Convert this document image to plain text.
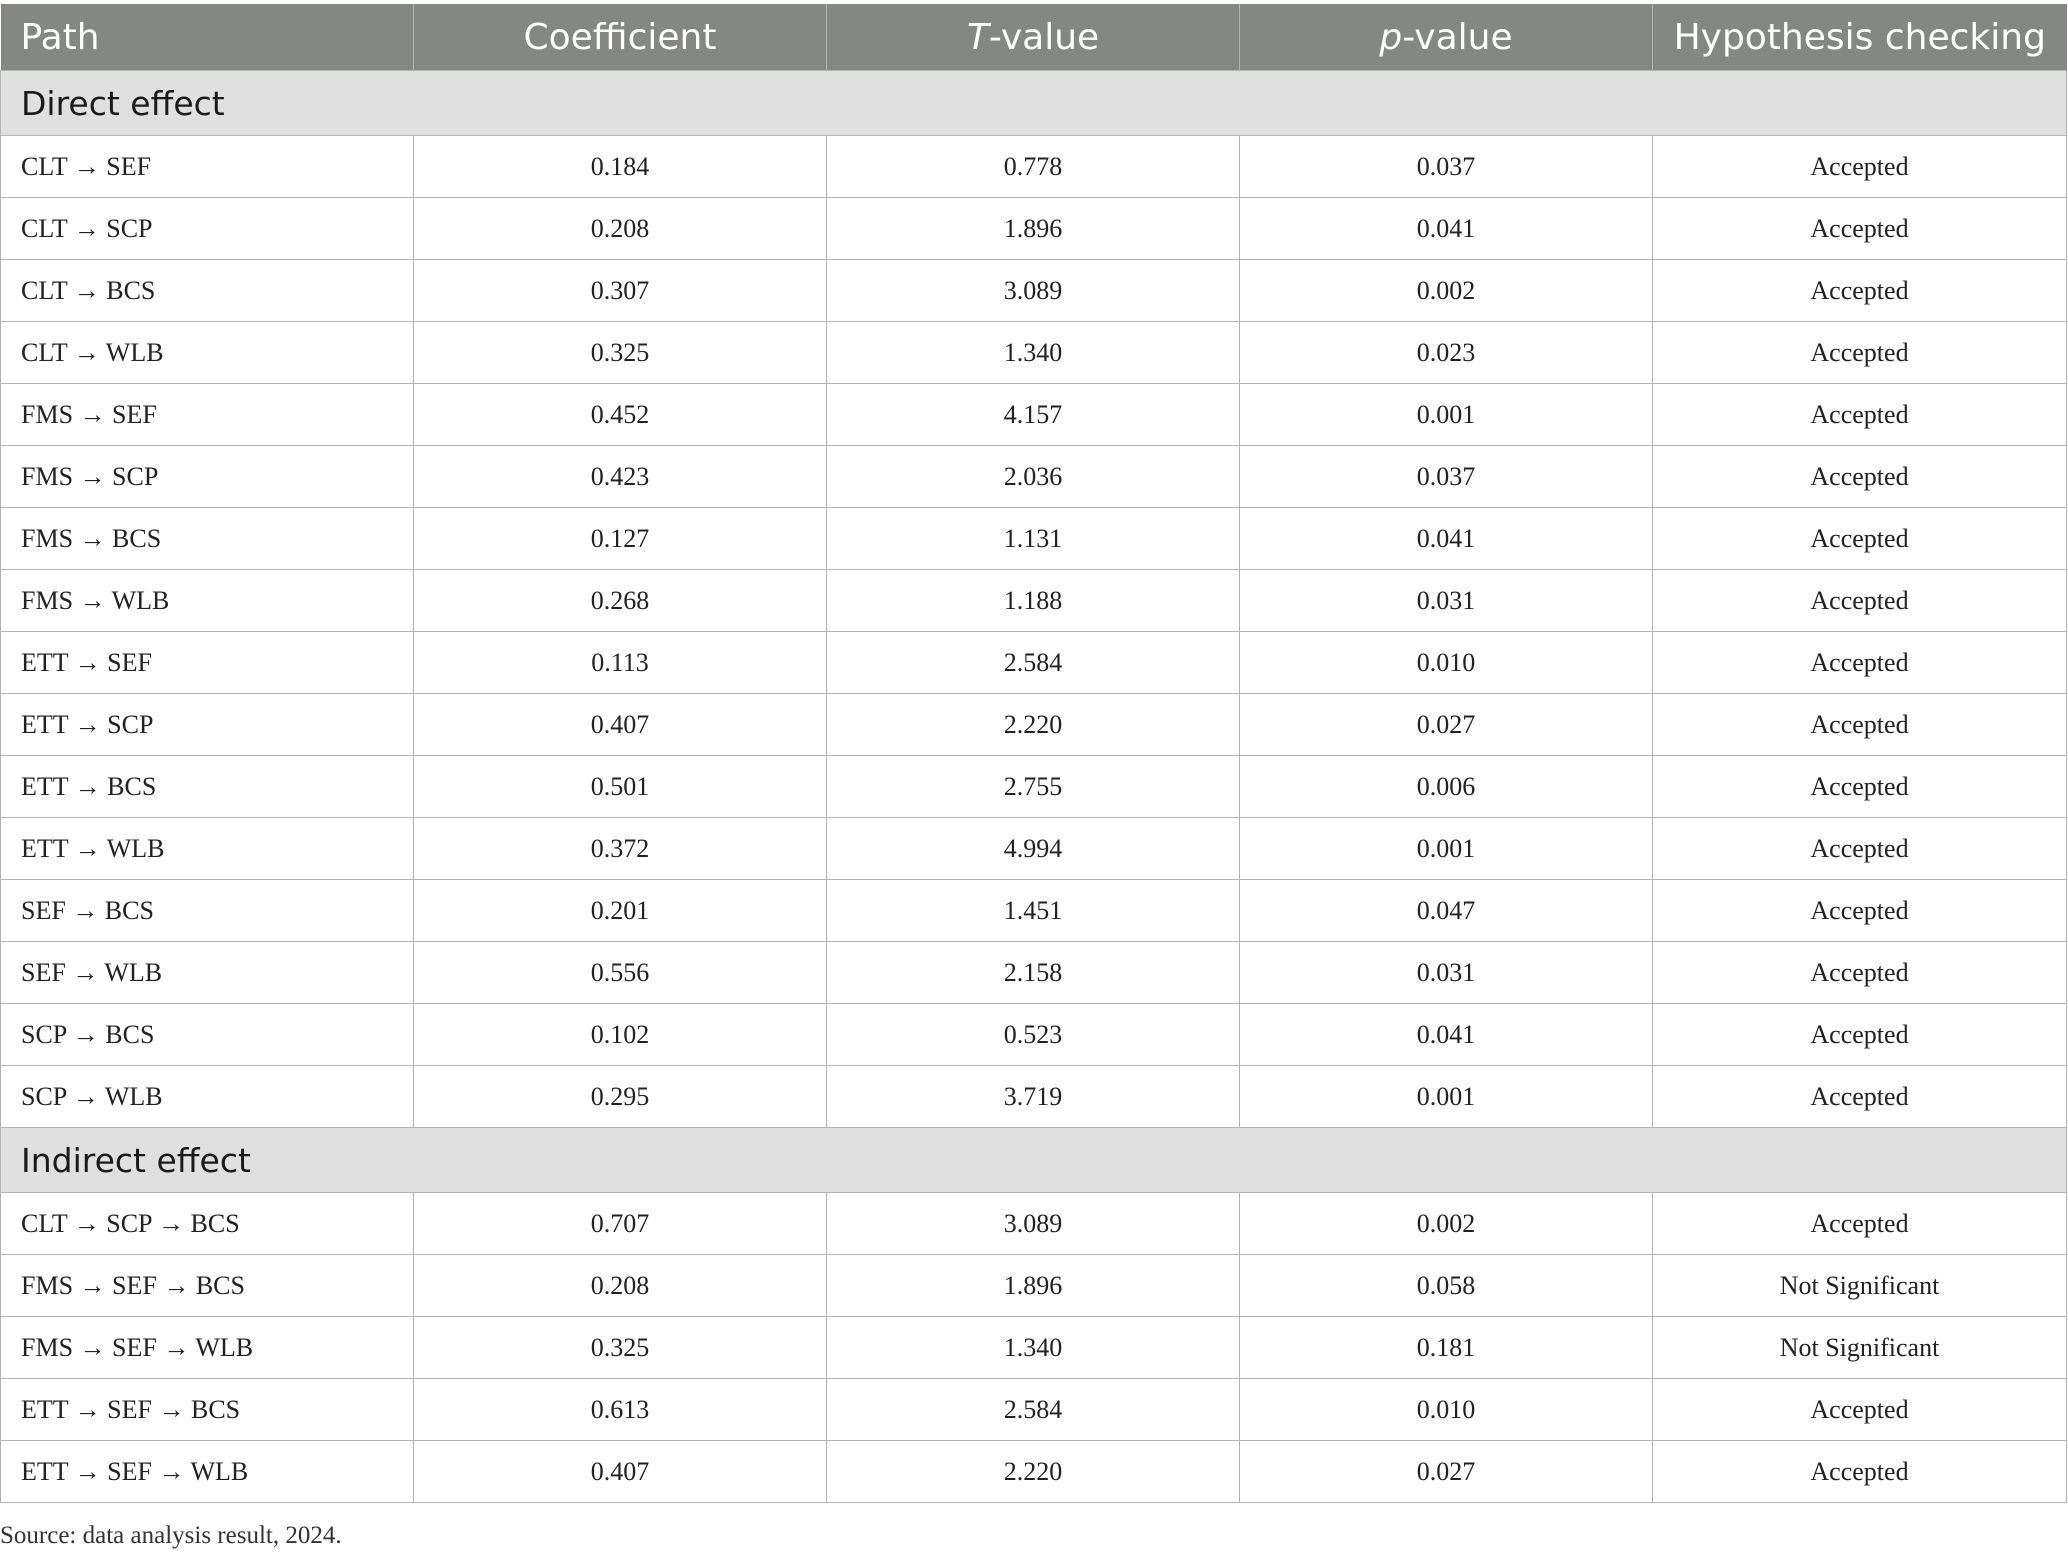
Path	Coefficient	T-value	p-value	Hypothesis checking
Direct effect				
CLT → SEF	0.184	0.778	0.037	Accepted
CLT → SCP	0.208	1.896	0.041	Accepted
CLT → BCS	0.307	3.089	0.002	Accepted
CLT → WLB	0.325	1.340	0.023	Accepted
FMS → SEF	0.452	4.157	0.001	Accepted
FMS → SCP	0.423	2.036	0.037	Accepted
FMS → BCS	0.127	1.131	0.041	Accepted
FMS → WLB	0.268	1.188	0.031	Accepted
ETT → SEF	0.113	2.584	0.010	Accepted
ETT → SCP	0.407	2.220	0.027	Accepted
ETT → BCS	0.501	2.755	0.006	Accepted
ETT → WLB	0.372	4.994	0.001	Accepted
SEF → BCS	0.201	1.451	0.047	Accepted
SEF → WLB	0.556	2.158	0.031	Accepted
SCP → BCS	0.102	0.523	0.041	Accepted
SCP → WLB	0.295	3.719	0.001	Accepted
Indirect effect				
CLT → SCP → BCS	0.707	3.089	0.002	Accepted
FMS → SEF → BCS	0.208	1.896	0.058	Not Significant
FMS → SEF → WLB	0.325	1.340	0.181	Not Significant
ETT → SEF → BCS	0.613	2.584	0.010	Accepted
ETT → SEF → WLB	0.407	2.220	0.027	Accepted
Source: data analysis result, 2024.
